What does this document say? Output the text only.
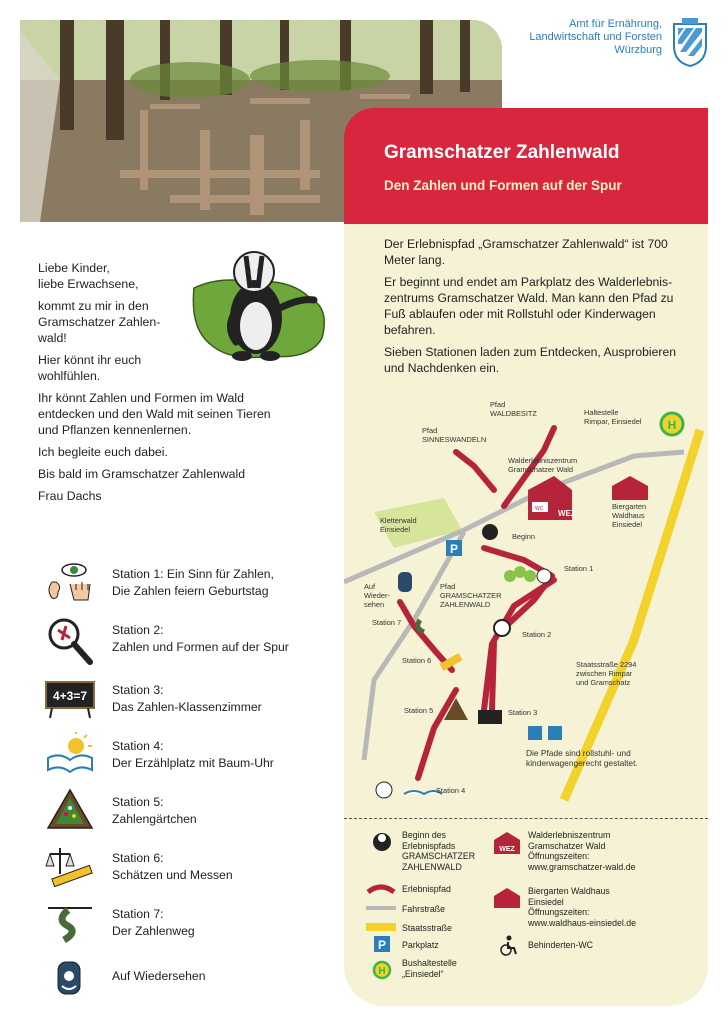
Amt für Ernährung,
Landwirtschaft und Forsten
Würzburg
Gramschatzer Zahlenwald
Den Zahlen und Formen auf der Spur

Der Erlebnispfad „Gramschatzer Zahlenwald“ ist 700 Meter lang.

Er beginnt und endet am Parkplatz des Walderlebnis-zentrums Gramschatzer Wald. Man kann den Pfad zu Fuß ablaufen oder mit Rollstuhl oder Kinderwagen befahren.

Sieben Stationen laden zum Entdecken, Ausprobieren und Nachdenken ein.

Liebe Kinder,
liebe Erwachsene,

kommt zu mir in den
Gramschatzer Zahlen-
wald!

Hier könnt ihr euch
wohlfühlen.

Ihr könnt Zahlen und Formen im Wald
entdecken und den Wald mit seinen Tieren
und Pflanzen kennenlernen.

Ich begleite euch dabei.

Bis bald im Gramschatzer Zahlenwald

Frau Dachs

Station 1: Ein Sinn für Zahlen,
Die Zahlen feiern Geburtstag
Station 2:
Zahlen und Formen auf der Spur
4+3=7 Station 3:
Das Zahlen-Klassenzimmer
Station 4:
Der Erzählplatz mit Baum-Uhr
Station 5:
Zahlengärtchen
Station 6:
Schätzen und Messen
Station 7:
Der Zahlenweg
Auf Wiedersehen
WEZ
WC
P
H
Pfad
WALDBESITZ	Haltestelle
Rimpar, Einsiedel
Pfad
SINNESWANDELN
Walderlebniszentrum
Gramschatzer Wald
Kletterwald
Einsiedel
Biergarten
Waldhaus
Einsiedel
Beginn
Station 1
Auf
Wieder-
sehen
Pfad
GRAMSCHATZER
ZAHLENWALD
Station 7
Station 2
Station 6	Staatsstraße 2294
zwischen Rimpar
und Gramschatz
Station 5	Station 3
Station 4
Die Pfade sind rollstuhl- und
kinderwagengerecht gestaltet.
Beginn des
Erlebnispfads
GRAMSCHATZER
ZAHLENWALD
Erlebnispfad
Fahrstraße
Staatsstraße
P Parkplatz
H
Bushaltestelle
„Einsiedel“
WEZ
Walderlebniszentrum
Gramschatzer Wald
Öffnungszeiten:
www.gramschatzer-wald.de
Biergarten Waldhaus
Einsiedel
Öffnungszeiten:
www.waldhaus-einsiedel.de
Behinderten-WC
